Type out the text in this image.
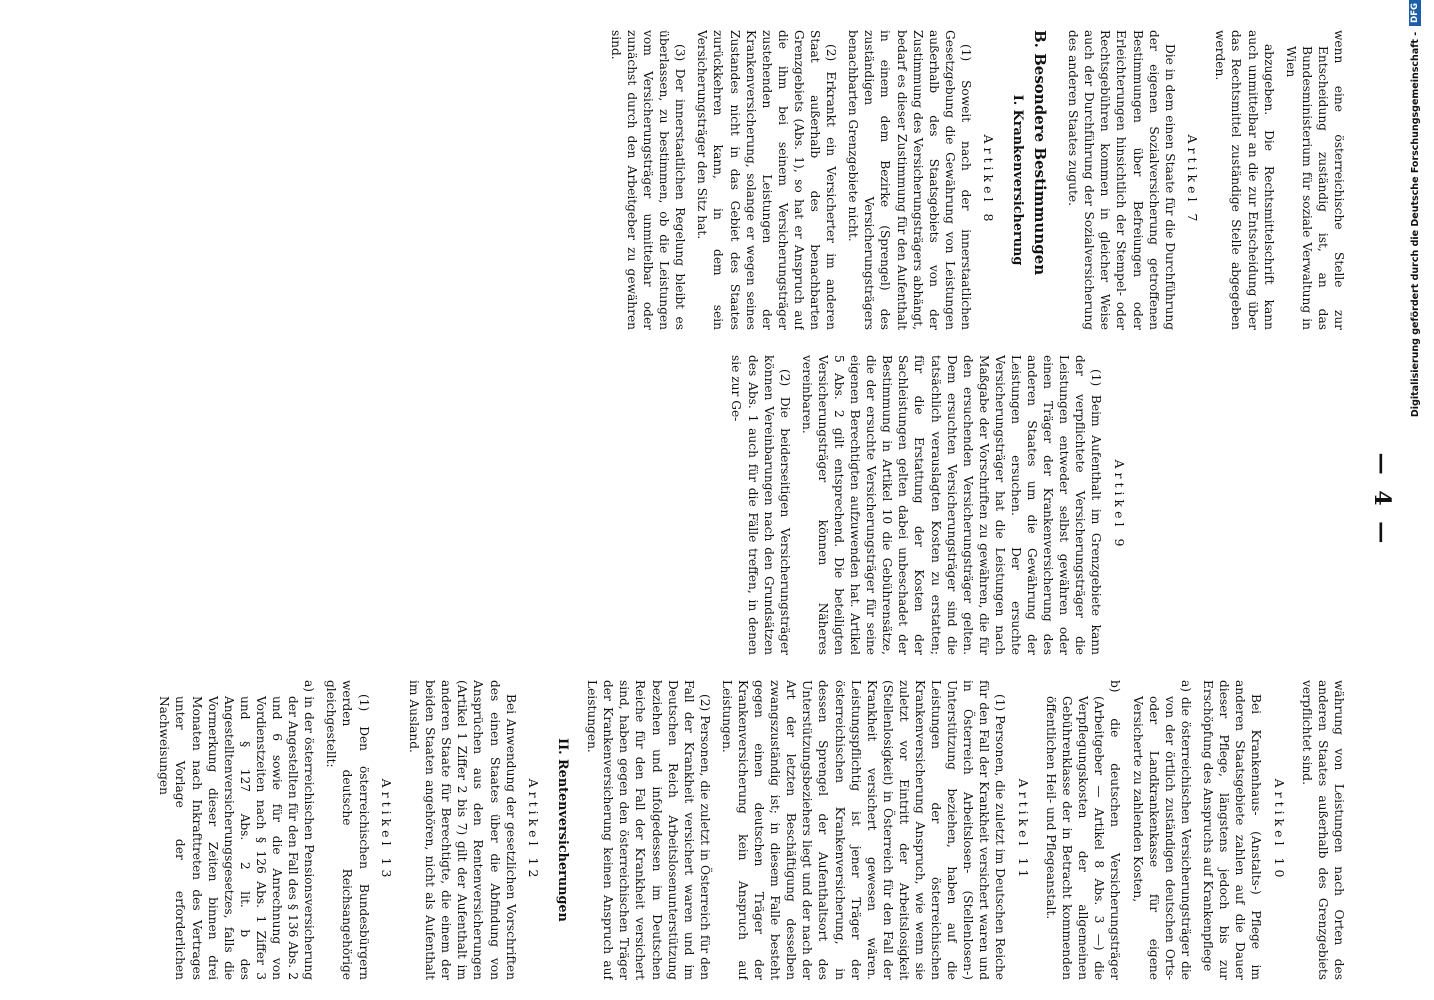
— 4 —

wenn eine österreichische Stelle zur Entscheidung zuständig ist, an das Bundesministerium für soziale Verwaltung in Wien

abzugeben. Die Rechtsmittelschrift kann auch unmittelbar an die zur Entscheidung über das Rechtsmittel zuständige Stelle abgegeben werden.

Artikel 7

Die in dem einen Staate für die Durchführung der eigenen Sozialversicherung getroffenen Bestimmungen über Befreiungen oder Erleichterungen hinsichtlich der Stempel- oder Rechtsgebühren kommen in gleicher Weise auch der Durchführung der Sozialversicherung des anderen Staates zugute.

B. Besondere Bestimmungen
I. Krankenversicherung
Artikel 8

(1) Soweit nach der innerstaatlichen Gesetzgebung die Gewährung von Leistungen außerhalb des Staatsgebiets von der Zustimmung des Versicherungsträgers abhängt, bedarf es dieser Zustimmung für den Aufenthalt in einem dem Bezirke (Sprengel) des zuständigen Versicherungsträgers benachbarten Grenzgebiete nicht.

(2) Erkrankt ein Versicherter im anderen Staat außerhalb des benachbarten Grenzgebiets (Abs. 1), so hat er Anspruch auf die ihm bei seinem Versicherungsträger zustehenden Leistungen der Krankenversicherung, solange er wegen seines Zustandes nicht in das Gebiet des Staates zurückkehren kann, in dem sein Versicherungsträger den Sitz hat.

(3) Der innerstaatlichen Regelung bleibt es überlassen, zu bestimmen, ob die Leistungen vom Versicherungsträger unmittelbar oder zunächst durch den Arbeitgeber zu gewähren sind.

Artikel 9

(1) Beim Aufenthalt im Grenzgebiete kann der verpflichtete Versicherungsträger die Leistungen entweder selbst gewähren oder einen Träger der Krankenversicherung des anderen Staates um die Gewährung der Leistungen ersuchen. Der ersuchte Versicherungsträger hat die Leistungen nach Maßgabe der Vorschriften zu gewähren, die für den ersuchenden Versicherungsträger gelten. Dem ersuchten Versicherungsträger sind die tatsächlich verauslagten Kosten zu erstatten; für die Erstattung der Kosten der Sachleistungen gelten dabei unbeschadet der Bestimmung in Artikel 10 die Gebührensätze, die der ersuchte Versicherungsträger für seine eigenen Berechtigten aufzuwenden hat. Artikel 5 Abs. 2 gilt entsprechend. Die beteiligten Versicherungsträger können Näheres vereinbaren.

(2) Die beiderseitigen Versicherungsträger können Vereinbarungen nach den Grundsätzen des Abs. 1 auch für die Fälle treffen, in denen sie zur Ge-

währung von Leistungen nach Orten des anderen Staates außerhalb des Grenzgebiets verpflichtet sind.

Artikel 10

Bei Krankenhaus- (Anstalts-) Pflege im anderen Staatsgebiete zahlen auf die Dauer dieser Pflege, längstens jedoch bis zur Erschöpfung des Anspruchs auf Krankenpflege

a) die österreichischen Versicherungsträger die von der örtlich zuständigen deutschen Orts- oder Landkrankenkasse für eigene Versicherte zu zahlenden Kosten,

b) die deutschen Versicherungsträger (Arbeitgeber — Artikel 8 Abs. 3 —) die Verpflegungskosten der allgemeinen Gebührenklasse der in Betracht kommenden öffentlichen Heil- und Pflegeanstalt.

Artikel 11

(1) Personen, die zuletzt im Deutschen Reiche für den Fall der Krankheit versichert waren und in Österreich Arbeitslosen- (Stellenlosen-) Unterstützung beziehen, haben auf die Leistungen der österreichischen Krankenversicherung Anspruch, wie wenn sie zuletzt vor Eintritt der Arbeitslosigkeit (Stellenlosigkeit) in Österreich für den Fall der Krankheit versichert gewesen wären. Leistungspflichtig ist jener Träger der österreichischen Krankenversicherung, in dessen Sprengel der Aufenthaltsort des Unterstützungsbeziehers liegt und der nach der Art der letzten Beschäftigung desselben zwangszuständig ist; in diesem Falle besteht gegen einen deutschen Träger der Krankenversicherung kein Anspruch auf Leistungen.

(2) Personen, die zuletzt in Österreich für den Fall der Krankheit versichert waren und im Deutschen Reich Arbeitslosenunterstützung beziehen und infolgedessen im Deutschen Reiche für den Fall der Krankheit versichert sind, haben gegen den österreichischen Träger der Krankenversicherung keinen Anspruch auf Leistungen.

II. Rentenversicherungen
Artikel 12

Bei Anwendung der gesetzlichen Vorschriften des einen Staates über die Abfindung von Ansprüchen aus den Rentenversicherungen (Artikel 1 Ziffer 2 bis 7) gilt der Aufenthalt im anderen Staate für Berechtigte, die einem der beiden Staaten angehören, nicht als Aufenthalt im Ausland.

Artikel 13

(1) Den österreichischen Bundesbürgern werden deutsche Reichsangehörige gleichgestellt:

a) in der österreichischen Pensionsversicherung der Angestellten für den Fall des § 136 Abs. 2 und 6 sowie für die Anrechnung von Vordienstzeiten nach § 126 Abs. 1 Ziffer 3 und § 127 Abs. 2 lit. b des Angestelltenversicherungsgesetzes, falls die Vormerkung dieser Zeiten binnen drei Monaten nach Inkrafttreten des Vertrages unter Vorlage der erforderlichen Nachweisungen

Digitalisierung gefördert durch die Deutsche Forschungsgemeinschaft -
DFG
